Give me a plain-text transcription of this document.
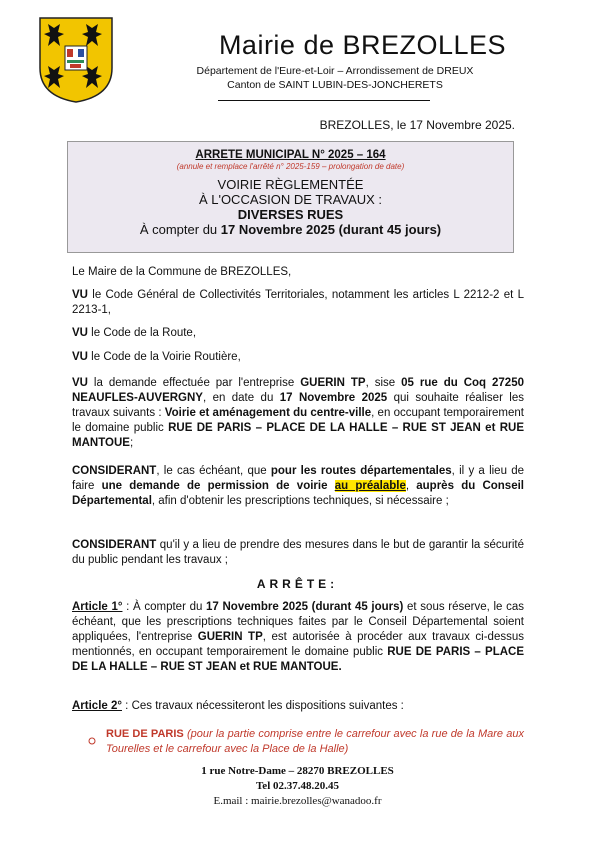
Mairie de BREZOLLES
Département de l'Eure-et-Loir – Arrondissement de DREUX
Canton de SAINT LUBIN-DES-JONCHERETS
BREZOLLES, le 17 Novembre 2025.
ARRETE MUNICIPAL N° 2025 – 164
(annule et remplace l'arrêté n° 2025-159 – prolongation de date)
VOIRIE RÈGLEMENTÉE
À L'OCCASION DE TRAVAUX :
DIVERSES RUES
À compter du 17 Novembre 2025 (durant 45 jours)
Le Maire de la Commune de BREZOLLES,
VU le Code Général de Collectivités Territoriales, notamment les articles L 2212-2 et L 2213-1,
VU le Code de la Route,
VU le Code de la Voirie Routière,
VU la demande effectuée par l'entreprise GUERIN TP, sise 05 rue du Coq 27250 NEAUFLES-AUVERGNY, en date du 17 Novembre 2025 qui souhaite réaliser les travaux suivants : Voirie et aménagement du centre-ville, en occupant temporairement le domaine public RUE DE PARIS – PLACE DE LA HALLE – RUE ST JEAN et RUE MANTOUE;
CONSIDERANT, le cas échéant, que pour les routes départementales, il y a lieu de faire une demande de permission de voirie au préalable, auprès du Conseil Départemental, afin d'obtenir les prescriptions techniques, si nécessaire ;
CONSIDERANT qu'il y a lieu de prendre des mesures dans le but de garantir la sécurité du public pendant les travaux ;
ARRÊTE:
Article 1° : À compter du 17 Novembre 2025 (durant 45 jours) et sous réserve, le cas échéant, que les prescriptions techniques faites par le Conseil Départemental soient appliquées, l'entreprise GUERIN TP, est autorisée à procéder aux travaux ci-dessus mentionnés, en occupant temporairement le domaine public RUE DE PARIS – PLACE DE LA HALLE – RUE ST JEAN et RUE MANTOUE.
Article 2° : Ces travaux nécessiteront les dispositions suivantes :
RUE DE PARIS (pour la partie comprise entre le carrefour avec la rue de la Mare aux Tourelles et le carrefour avec la Place de la Halle)
1 rue Notre-Dame – 28270 BREZOLLES
Tel 02.37.48.20.45
E.mail : mairie.brezolles@wanadoo.fr
